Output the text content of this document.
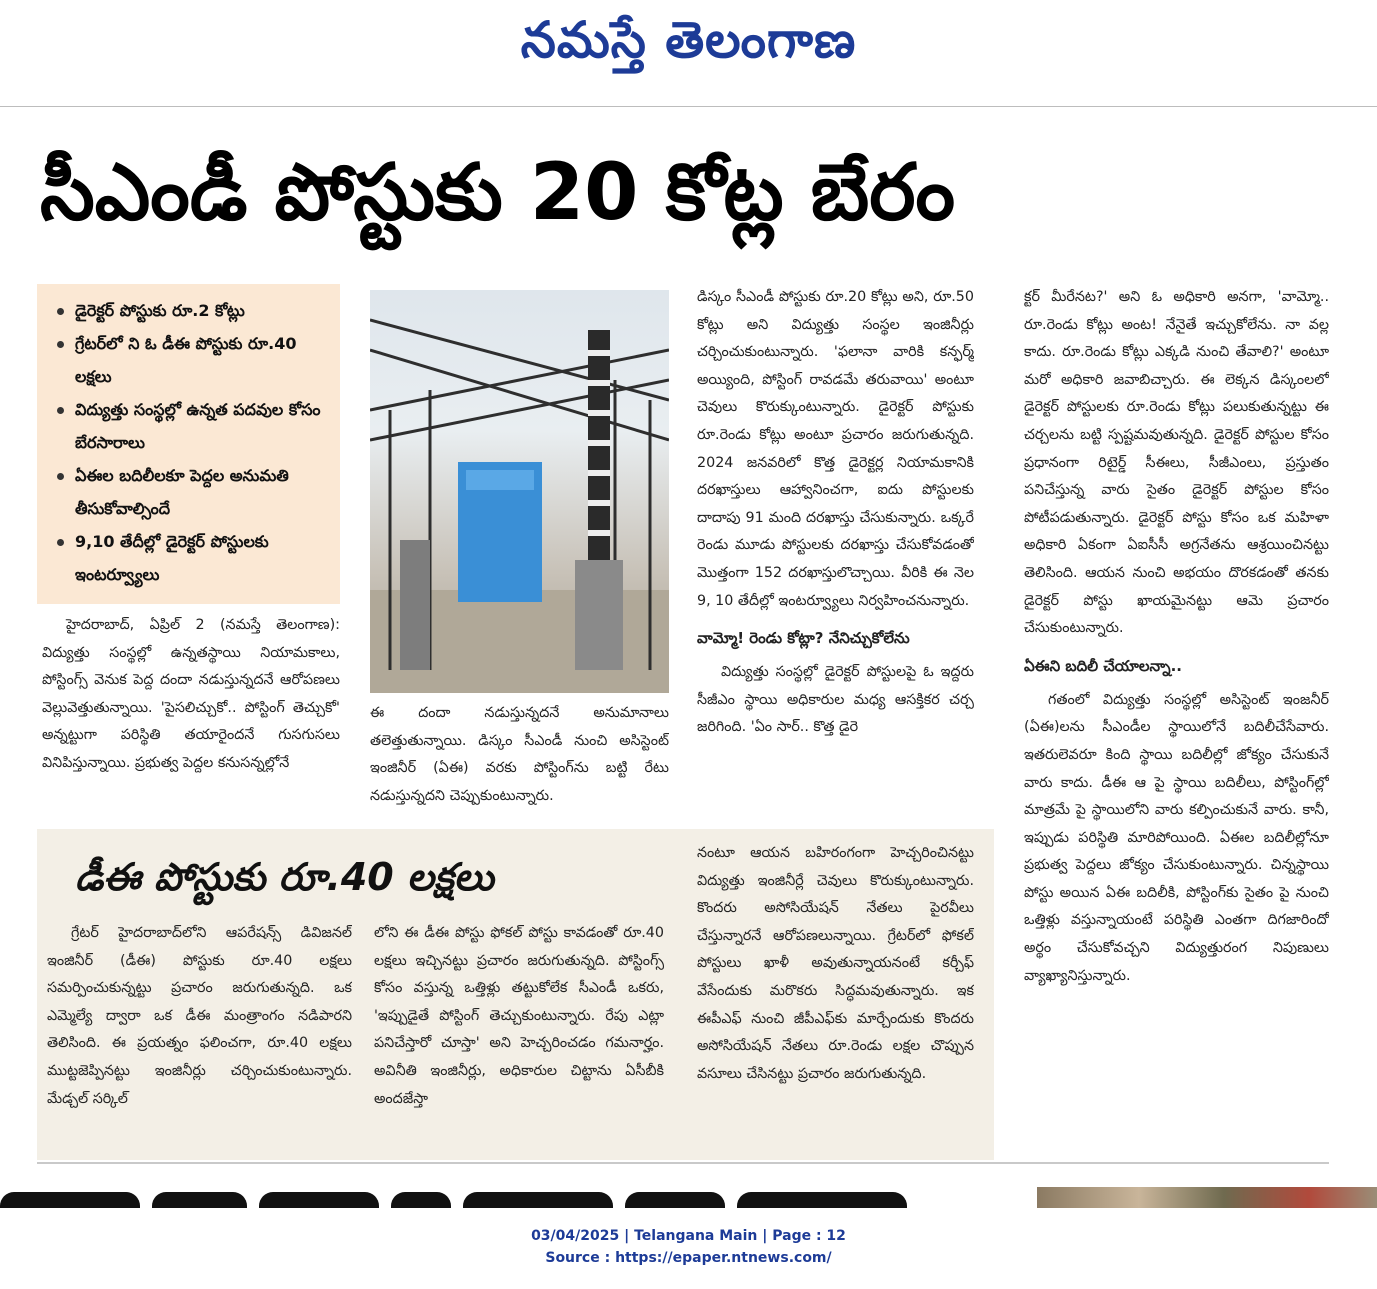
నమస్తే తెలంగాణ
సీఎండీ పోస్టుకు 20 కోట్ల బేరం
డైరెక్టర్ పోస్టుకు రూ.2 కోట్లు
గ్రేటర్‌లో ని ఓ డీఈ పోస్టుకు రూ.40 లక్షలు
విద్యుత్తు సంస్థల్లో ఉన్నత పదవుల కోసం బేరసారాలు
ఏఈల బదిలీలకూ పెద్దల అనుమతి తీసుకోవాల్సిందే
9,10 తేదీల్లో డైరెక్టర్ పోస్టులకు ఇంటర్వ్యూలు

హైదరాబాద్, ఏప్రిల్ 2 (నమస్తే తెలంగాణ): విద్యుత్తు సంస్థల్లో ఉన్నతస్థాయి నియామకాలు, పోస్టింగ్స్ వెనుక పెద్ద దందా నడుస్తున్నదనే ఆరోపణలు వెల్లువెత్తుతున్నాయి. 'పైసలిచ్చుకో.. పోస్టింగ్ తెచ్చుకో' అన్నట్టుగా పరిస్థితి తయారైందనే గుసగుసలు వినిపిస్తున్నాయి. ప్రభుత్వ పెద్దల కనుసన్నల్లోనే

ఈ దందా నడుస్తున్నదనే అనుమానాలు తలెత్తుతున్నాయి. డిస్కం సీఎండీ నుంచి అసిస్టెంట్ ఇంజినీర్ (ఏఈ) వరకు పోస్టింగ్‌ను బట్టి రేటు నడుస్తున్నదని చెప్పుకుంటున్నారు.

డిస్కం సీఎండీ పోస్టుకు రూ.20 కోట్లు అని, రూ.50 కోట్లు అని విద్యుత్తు సంస్థల ఇంజినీర్లు చర్చించుకుంటున్నారు. 'ఫలానా వారికి కన్ఫర్మ్ అయ్యింది, పోస్టింగ్ రావడమే తరువాయి' అంటూ చెవులు కొరుక్కుంటున్నారు. డైరెక్టర్ పోస్టుకు రూ.రెండు కోట్లు అంటూ ప్రచారం జరుగుతున్నది. 2024 జనవరిలో కొత్త డైరెక్టర్ల నియామకానికి దరఖాస్తులు ఆహ్వానించగా, ఐదు పోస్టులకు దాదాపు 91 మంది దరఖాస్తు చేసుకున్నారు. ఒక్కరే రెండు మూడు పోస్టులకు దరఖాస్తు చేసుకోవడంతో మొత్తంగా 152 దరఖాస్తులొచ్చాయి. వీరికి ఈ నెల 9, 10 తేదీల్లో ఇంటర్వ్యూలు నిర్వహించనున్నారు.

వామ్మో! రెండు కోట్లా? నేనిచ్చుకోలేను

విద్యుత్తు సంస్థల్లో డైరెక్టర్ పోస్టులపై ఓ ఇద్దరు సీజీఎం స్థాయి అధికారుల మధ్య ఆసక్తికర చర్చ జరిగింది. 'ఏం సార్.. కొత్త డైరె

క్టర్ మీరేనట?' అని ఓ అధికారి అనగా, 'వామ్మో.. రూ.రెండు కోట్లు అంట! నేనైతే ఇచ్చుకోలేను. నా వల్ల కాదు. రూ.రెండు కోట్లు ఎక్కడి నుంచి తేవాలి?' అంటూ మరో అధికారి జవాబిచ్చారు. ఈ లెక్కన డిస్కంలలో డైరెక్టర్ పోస్టులకు రూ.రెండు కోట్లు పలుకుతున్నట్టు ఈ చర్చలను బట్టి స్పష్టమవుతున్నది. డైరెక్టర్ పోస్టుల కోసం ప్రధానంగా రిటైర్డ్ సీఈలు, సీజీఎంలు, ప్రస్తుతం పనిచేస్తున్న వారు సైతం డైరెక్టర్ పోస్టుల కోసం పోటీపడుతున్నారు. డైరెక్టర్ పోస్టు కోసం ఒక మహిళా అధికారి ఏకంగా ఏఐసీసీ అగ్రనేతను ఆశ్రయించినట్టు తెలిసింది. ఆయన నుంచి అభయం దొరకడంతో తనకు డైరెక్టర్ పోస్టు ఖాయమైనట్టు ఆమె ప్రచారం చేసుకుంటున్నారు.

ఏఈని బదిలీ చేయాలన్నా..

గతంలో విద్యుత్తు సంస్థల్లో అసిస్టెంట్ ఇంజనీర్ (ఏఈ)లను సీఎండీల స్థాయిలోనే బదిలీచేసేవారు. ఇతరులెవరూ కింది స్థాయి బదిలీల్లో జోక్యం చేసుకునే వారు కాదు. డీఈ ఆ పై స్థాయి బదిలీలు, పోస్టింగ్‌ల్లో మాత్రమే పై స్థాయిలోని వారు కల్పించుకునే వారు. కానీ, ఇప్పుడు పరిస్థితి మారిపోయింది. ఏఈల బదిలీల్లోనూ ప్రభుత్వ పెద్దలు జోక్యం చేసుకుంటున్నారు. చిన్నస్థాయి పోస్టు అయిన ఏఈ బదిలీకి, పోస్టింగ్‌కు సైతం పై నుంచి ఒత్తిళ్లు వస్తున్నాయంటే పరిస్థితి ఎంతగా దిగజారిందో అర్థం చేసుకోవచ్చని విద్యుత్తురంగ నిపుణులు వ్యాఖ్యానిస్తున్నారు.

డీఈ పోస్టుకు రూ.40 లక్షలు

గ్రేటర్ హైదరాబాద్‌లోని ఆపరేషన్స్ డివిజనల్ ఇంజినీర్ (డీఈ) పోస్టుకు రూ.40 లక్షలు సమర్పించుకున్నట్టు ప్రచారం జరుగుతున్నది. ఒక ఎమ్మెల్యే ద్వారా ఒక డీఈ మంత్రాంగం నడిపారని తెలిసింది. ఈ ప్రయత్నం ఫలించగా, రూ.40 లక్షలు ముట్టజెప్పినట్టు ఇంజినీర్లు చర్చించుకుంటున్నారు. మేడ్చల్ సర్కిల్

లోని ఈ డీఈ పోస్టు ఫోకల్ పోస్టు కావడంతో రూ.40 లక్షలు ఇచ్చినట్టు ప్రచారం జరుగుతున్నది. పోస్టింగ్స్ కోసం వస్తున్న ఒత్తిళ్లు తట్టుకోలేక సీఎండీ ఒకరు, 'ఇప్పుడైతే పోస్టింగ్ తెచ్చుకుంటున్నారు. రేపు ఎట్లా పనిచేస్తారో చూస్తా' అని హెచ్చరించడం గమనార్హం. అవినీతి ఇంజినీర్లు, అధికారుల చిట్టాను ఏసీబీకి అందజేస్తా

నంటూ ఆయన బహిరంగంగా హెచ్చరించినట్టు విద్యుత్తు ఇంజినీర్లే చెవులు కొరుక్కుంటున్నారు. కొందరు అసోసియేషన్ నేతలు పైరవీలు చేస్తున్నారనే ఆరోపణలున్నాయి. గ్రేటర్‌లో ఫోకల్ పోస్టులు ఖాళీ అవుతున్నాయనంటే కర్చీఫ్ వేసేందుకు మరొకరు సిద్ధమవుతున్నారు. ఇక ఈపీఎఫ్ నుంచి జీపీఎఫ్‌కు మార్చేందుకు కొందరు అసోసియేషన్ నేతలు రూ.రెండు లక్షల చొప్పున వసూలు చేసినట్టు ప్రచారం జరుగుతున్నది.

03/04/2025 | Telangana Main | Page : 12
Source : https://epaper.ntnews.com/
